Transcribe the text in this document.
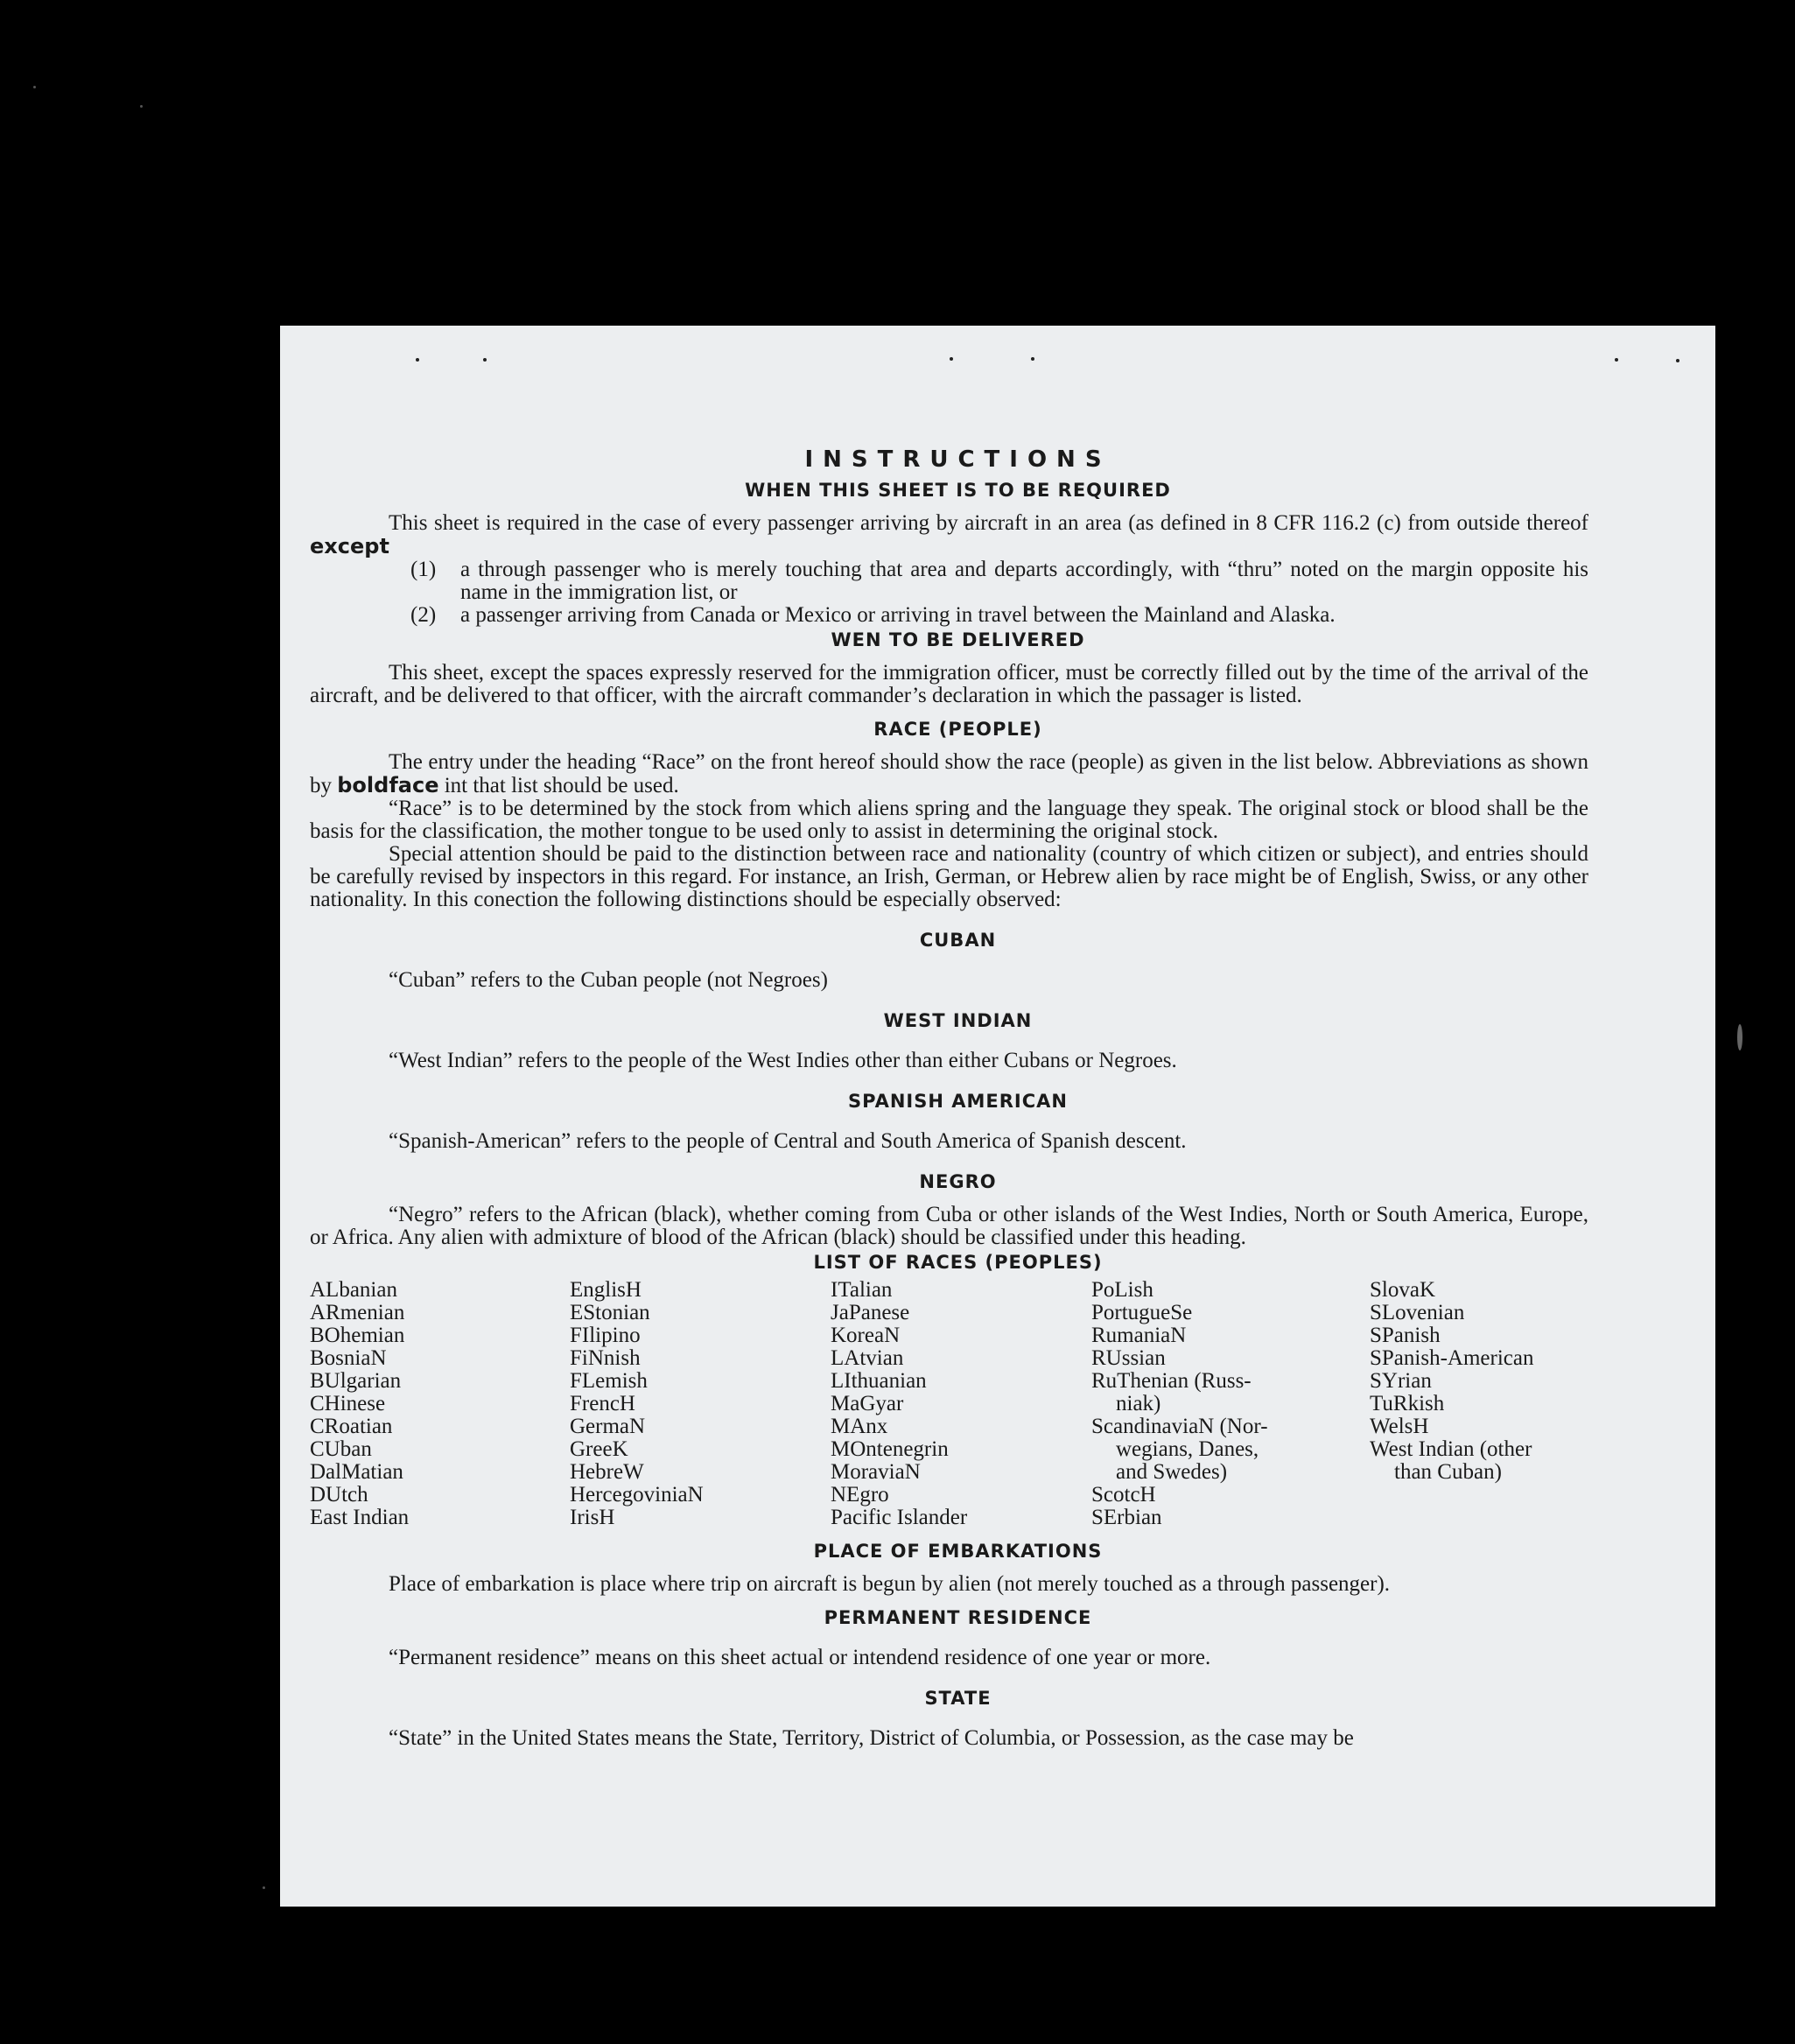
INSTRUCTIONS
WHEN THIS SHEET IS TO BE REQUIRED

This sheet is required in the case of every passenger arriving by aircraft in an area (as defined in 8 CFR 116.2 (c) from outside thereof except

(1)	a through passenger who is merely touching that area and departs accordingly, with “thru” noted on the margin opposite his name in the immigration list, or
(2)	a passenger arriving from Canada or Mexico or arriving in travel between the Mainland and Alaska.
WEN TO BE DELIVERED

This sheet, except the spaces expressly reserved for the immigration officer, must be correctly filled out by the time of the arrival of the aircraft, and be delivered to that officer, with the aircraft commander’s declaration in which the passager is listed.

RACE (PEOPLE)

The entry under the heading “Race” on the front hereof should show the race (people) as given in the list below. Abbreviations as shown by boldface int that list should be used.

“Race” is to be determined by the stock from which aliens spring and the language they speak. The original stock or blood shall be the basis for the classification, the mother tongue to be used only to assist in determining the original stock.

Special attention should be paid to the distinction between race and nationality (country of which citizen or subject), and entries should be carefully revised by inspectors in this regard. For instance, an Irish, German, or Hebrew alien by race might be of English, Swiss, or any other nationality. In this conection the following distinctions should be especially observed:

CUBAN

“Cuban” refers to the Cuban people (not Negroes)

WEST INDIAN

“West Indian” refers to the people of the West Indies other than either Cubans or Negroes.

SPANISH AMERICAN

“Spanish-American” refers to the people of Central and South America of Spanish descent.

NEGRO

“Negro” refers to the African (black), whether coming from Cuba or other islands of the West Indies, North or South America, Europe, or Africa. Any alien with admixture of blood of the African (black) should be classified under this heading.

LIST OF RACES (PEOPLES)
ALbanian
ARmenian
BOhemian
BosniaN
BUlgarian
CHinese
CRoatian
CUban
DalMatian
DUtch
East Indian
EnglisH
EStonian
FIlipino
FiNnish
FLemish
FrencH
GermaN
GreeK
HebreW
HercegoviniaN
IrisH
ITalian
JaPanese
KoreaN
LAtvian
LIthuanian
MaGyar
MAnx
MOntenegrin
MoraviaN
NEgro
Pacific Islander
PoLish
PortugueSe
RumaniaN
RUssian
RuThenian (Russ-
niak)
ScandinaviaN (Nor-
wegians, Danes,
and Swedes)
ScotcH
SErbian
SlovaK
SLovenian
SPanish
SPanish-American
SYrian
TuRkish
WelsH
West Indian (other
than Cuban)
PLACE OF EMBARKATIONS

Place of embarkation is place where trip on aircraft is begun by alien (not merely touched as a through passenger).

PERMANENT RESIDENCE

“Permanent residence” means on this sheet actual or intendend residence of one year or more.

STATE

“State” in the United States means the State, Territory, District of Columbia, or Possession, as the case may be
